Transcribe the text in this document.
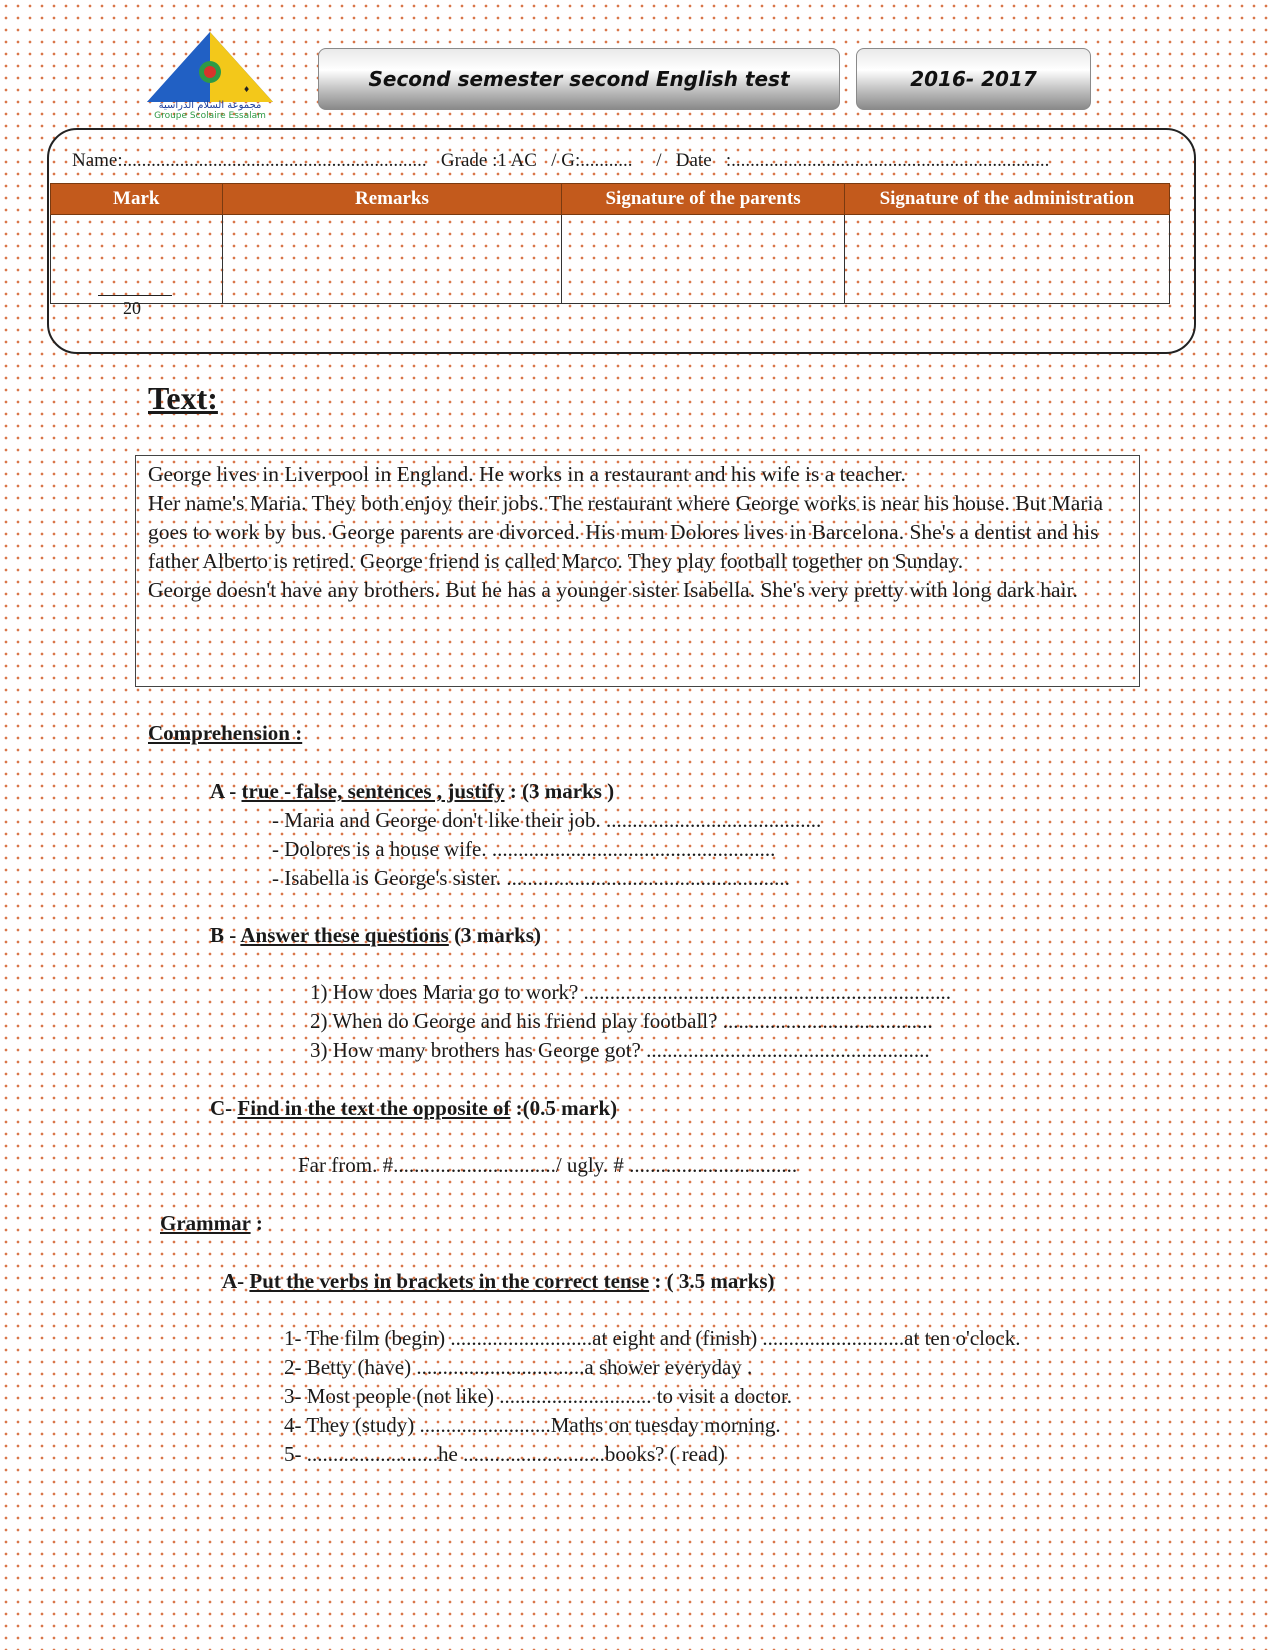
♦
مجموعة السلام الدراسية
Groupe Scolaire Essalam
Second semester second English test	2016- 2017
Name:................................................................ Grade :1 AC / G:........... / Date :...................................................................
Mark	Remarks	Signature of the parents	Signature of the administration

20
Text:

George lives in Liverpool in England. He works in a restaurant and his wife is a teacher.

Her name's Maria. They both enjoy their jobs. The restaurant where George works is near his house. But Maria goes to work by bus. George parents are divorced. His mum Dolores lives in Barcelona. She's a dentist and his father Alberto is retired. George friend is called Marco. They play football together on Sunday.

George doesn't have any brothers. But he has a younger sister Isabella. She's very pretty with long dark hair.

Comprehension :
A - true - false, sentences , justify : (3 marks )
- Maria and George don't like their job. .........................................
- Dolores is a house wife. ......................................................
- Isabella is George's sister. ......................................................
B - Answer these questions (3 marks)
1) How does Maria go to work? ......................................................................
2) When do George and his friend play football? ........................................
3) How many brothers has George got? ......................................................
C- Find in the text the opposite of :(0.5 mark)
Far from. #.............................../ ugly. # ................................
Grammar :
A- Put the verbs in brackets in the correct tense : ( 3.5 marks)
1- The film (begin) ...........................at eight and (finish) ...........................at ten o'clock.
2- Betty (have) ................................a shower everyday .
3- Most people (not like) ............................. to visit a doctor.
4- They (study) .........................Maths on tuesday morning.
5- .........................he ...........................books? ( read)
